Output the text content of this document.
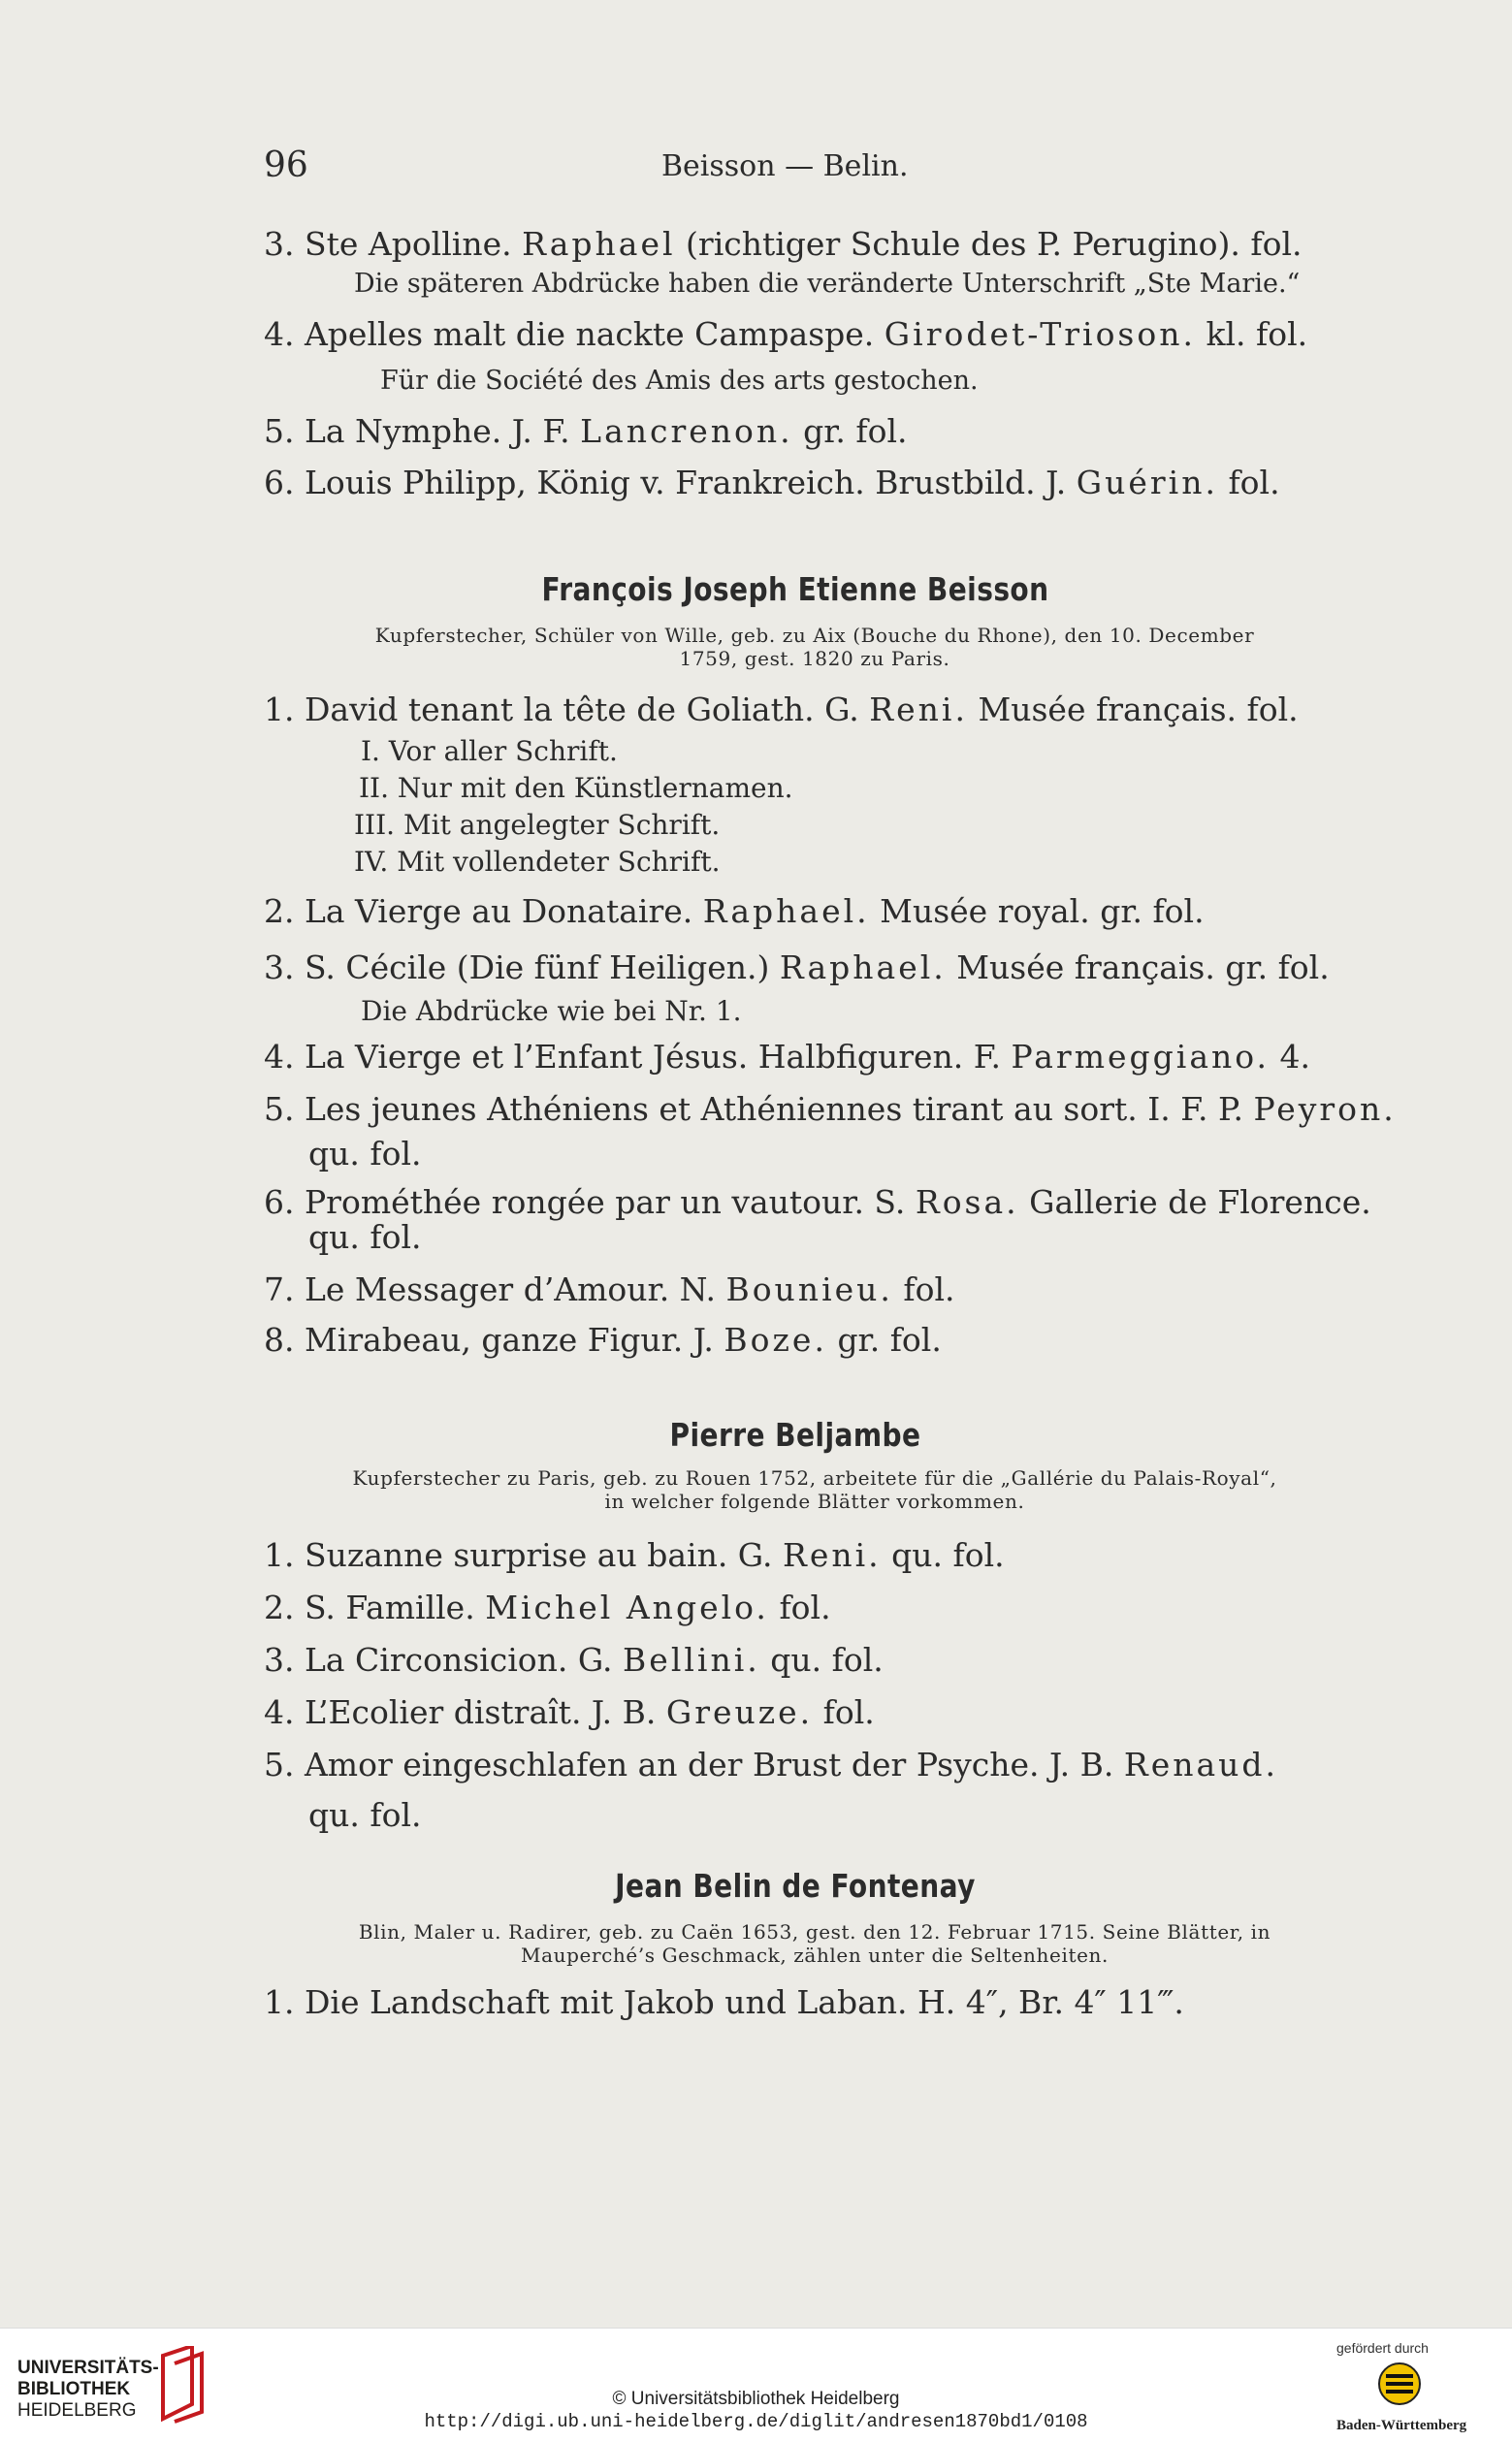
96	Beisson — Belin.
3. Ste Apolline. Raphael (richtiger Schule des P. Perugino). fol.
Die späteren Abdrücke haben die veränderte Unterschrift „Ste Marie.“
4. Apelles malt die nackte Campaspe. Girodet-Trioson. kl. fol.
Für die Société des Amis des arts gestochen.
5. La Nymphe. J. F. Lancrenon. gr. fol.
6. Louis Philipp, König v. Frankreich. Brustbild. J. Guérin. fol.
François Joseph Etienne Beisson
Kupferstecher, Schüler von Wille, geb. zu Aix (Bouche du Rhone), den 10. December
1759, gest. 1820 zu Paris.
1. David tenant la tête de Goliath. G. Reni. Musée français. fol.
I. Vor aller Schrift.
II. Nur mit den Künstlernamen.
III. Mit angelegter Schrift.
IV. Mit vollendeter Schrift.
2. La Vierge au Donataire. Raphael. Musée royal. gr. fol.
3. S. Cécile (Die fünf Heiligen.) Raphael. Musée français. gr. fol.
Die Abdrücke wie bei Nr. 1.
4. La Vierge et l’Enfant Jésus. Halbfiguren. F. Parmeggiano. 4.
5. Les jeunes Athéniens et Athéniennes tirant au sort. I. F. P. Peyron.
qu. fol.
6. Prométhée rongée par un vautour. S. Rosa. Gallerie de Florence.
qu. fol.
7. Le Messager d’Amour. N. Bounieu. fol.
8. Mirabeau, ganze Figur. J. Boze. gr. fol.
Pierre Beljambe
Kupferstecher zu Paris, geb. zu Rouen 1752, arbeitete für die „Gallérie du Palais-Royal“,
in welcher folgende Blätter vorkommen.
1. Suzanne surprise au bain. G. Reni. qu. fol.
2. S. Famille. Michel Angelo. fol.
3. La Circonsicion. G. Bellini. qu. fol.
4. L’Ecolier distraît. J. B. Greuze. fol.
5. Amor eingeschlafen an der Brust der Psyche. J. B. Renaud.
qu. fol.
Jean Belin de Fontenay
Blin, Maler u. Radirer, geb. zu Caën 1653, gest. den 12. Februar 1715. Seine Blätter, in
Mauperché’s Geschmack, zählen unter die Seltenheiten.
1. Die Landschaft mit Jakob und Laban. H. 4″, Br. 4″ 11‴.
UNIVERSITÄTS-
BIBLIOTHEK
HEIDELBERG
© Universitätsbibliothek Heidelberg
http://digi.ub.uni-heidelberg.de/diglit/andresen1870bd1/0108
gefördert durch
Baden-Württemberg
